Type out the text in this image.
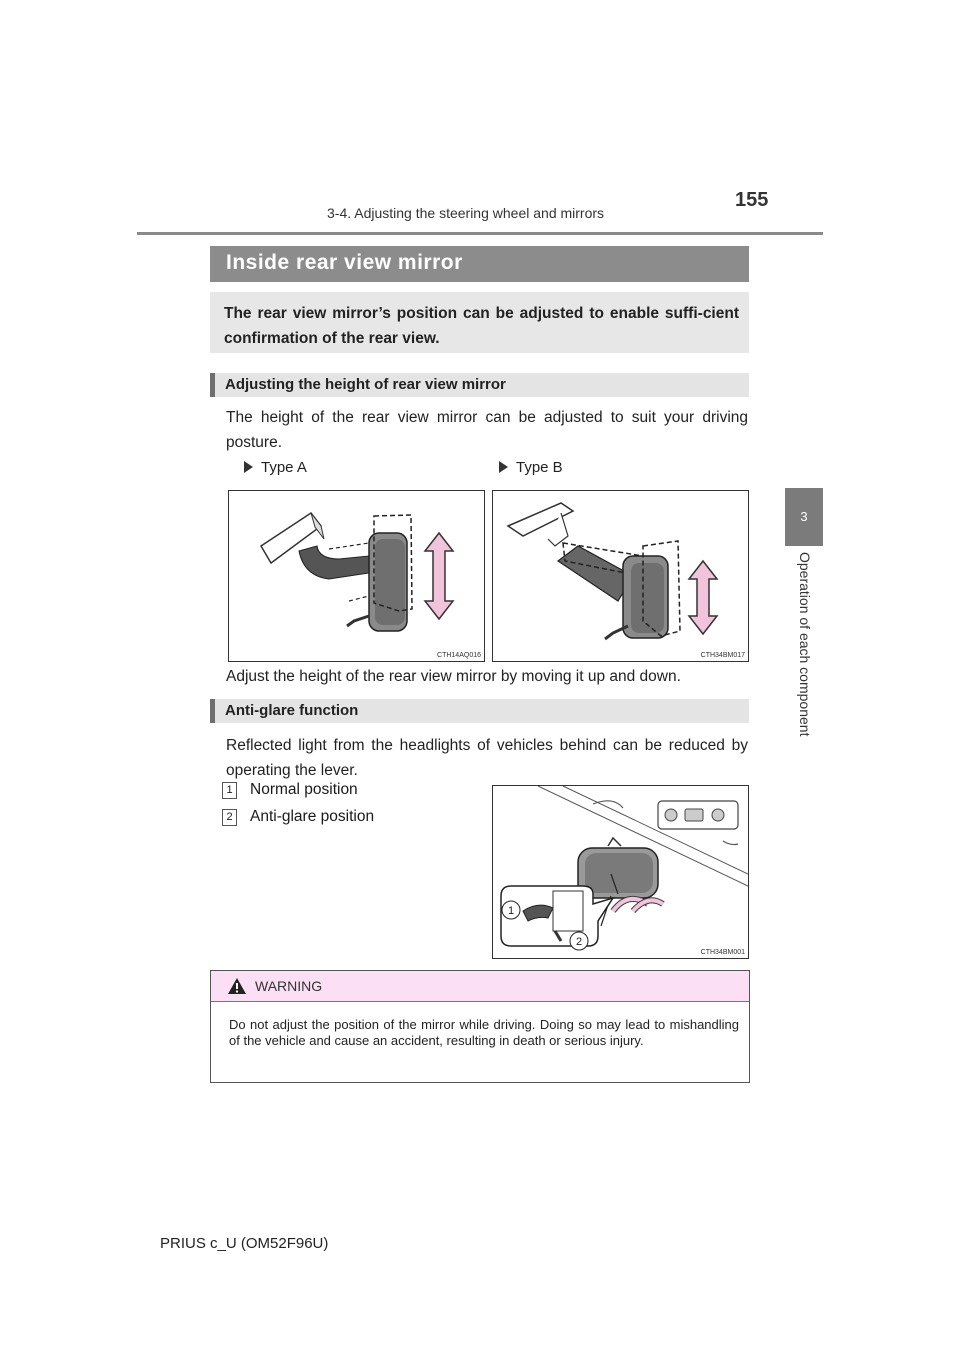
155
3-4. Adjusting the steering wheel and mirrors
3
Operation of each component
Inside rear view mirror

The rear view mirror’s position can be adjusted to enable suffi-cient confirmation of the rear view.

Adjusting the height of rear view mirror
The height of the rear view mirror can be adjusted to suit your driving posture.
Type A	Type B
CTH14AQ016	CTH34BM017
Adjust the height of the rear view mirror by moving it up and down.
Anti-glare function
Reflected light from the headlights of vehicles behind can be reduced by operating the lever.
1 Normal position
2 Anti-glare position
1
2
CTH34BM001
WARNING
Do not adjust the position of the mirror while driving. Doing so may lead to mishandling of the vehicle and cause an accident, resulting in death or serious injury.
PRIUS c_U (OM52F96U)
